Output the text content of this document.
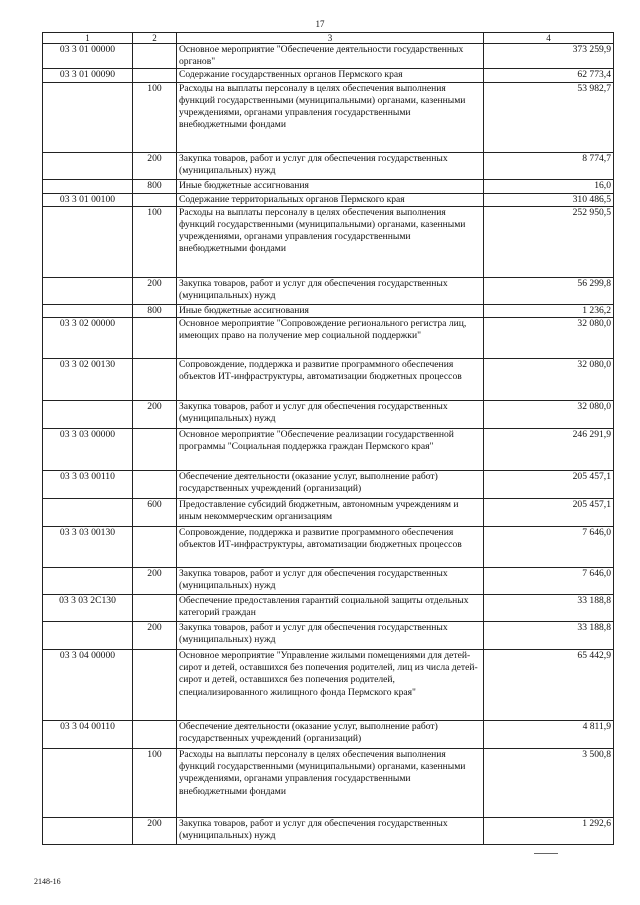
17
1	2	3	4
03 3 01 00000		Основное мероприятие "Обеспечение деятельности государственных органов"	373 259,9
03 3 01 00090		Содержание государственных органов Пермского края	62 773,4
	100	Расходы на выплаты персоналу в целях обеспечения выполнения функций государственными (муниципальными) органами, казенными учреждениями, органами управления государственными внебюджетными фондами	53 982,7
	200	Закупка товаров, работ и услуг для обеспечения государственных (муниципальных) нужд	8 774,7
	800	Иные бюджетные ассигнования	16,0
03 3 01 00100		Содержание территориальных органов Пермского края	310 486,5
	100	Расходы на выплаты персоналу в целях обеспечения выполнения функций государственными (муниципальными) органами, казенными учреждениями, органами управления государственными внебюджетными фондами	252 950,5
	200	Закупка товаров, работ и услуг для обеспечения государственных (муниципальных) нужд	56 299,8
	800	Иные бюджетные ассигнования	1 236,2
03 3 02 00000		Основное мероприятие "Сопровождение регионального регистра лиц, имеющих право на получение мер социальной поддержки"	32 080,0
03 3 02 00130		Сопровождение, поддержка и развитие программного обеспечения объектов ИТ-инфраструктуры, автоматизации бюджетных процессов	32 080,0
	200	Закупка товаров, работ и услуг для обеспечения государственных (муниципальных) нужд	32 080,0
03 3 03 00000		Основное мероприятие "Обеспечение реализации государственной программы "Социальная поддержка граждан Пермского края"	246 291,9
03 3 03 00110		Обеспечение деятельности (оказание услуг, выполнение работ) государственных учреждений (организаций)	205 457,1
	600	Предоставление субсидий бюджетным, автономным учреждениям и иным некоммерческим организациям	205 457,1
03 3 03 00130		Сопровождение, поддержка и развитие программного обеспечения объектов ИТ-инфраструктуры, автоматизации бюджетных процессов	7 646,0
	200	Закупка товаров, работ и услуг для обеспечения государственных (муниципальных) нужд	7 646,0
03 3 03 2С130		Обеспечение предоставления гарантий социальной защиты отдельных категорий граждан	33 188,8
	200	Закупка товаров, работ и услуг для обеспечения государственных (муниципальных) нужд	33 188,8
03 3 04 00000		Основное мероприятие "Управление жилыми помещениями для детей-сирот и детей, оставшихся без попечения родителей, лиц из числа детей-сирот и детей, оставшихся без попечения родителей, специализированного жилищного фонда Пермского края"	65 442,9
03 3 04 00110		Обеспечение деятельности (оказание услуг, выполнение работ) государственных учреждений (организаций)	4 811,9
	100	Расходы на выплаты персоналу в целях обеспечения выполнения функций государственными (муниципальными) органами, казенными учреждениями, органами управления государственными внебюджетными фондами	3 500,8
	200	Закупка товаров, работ и услуг для обеспечения государственных (муниципальных) нужд	1 292,6
2148-16
